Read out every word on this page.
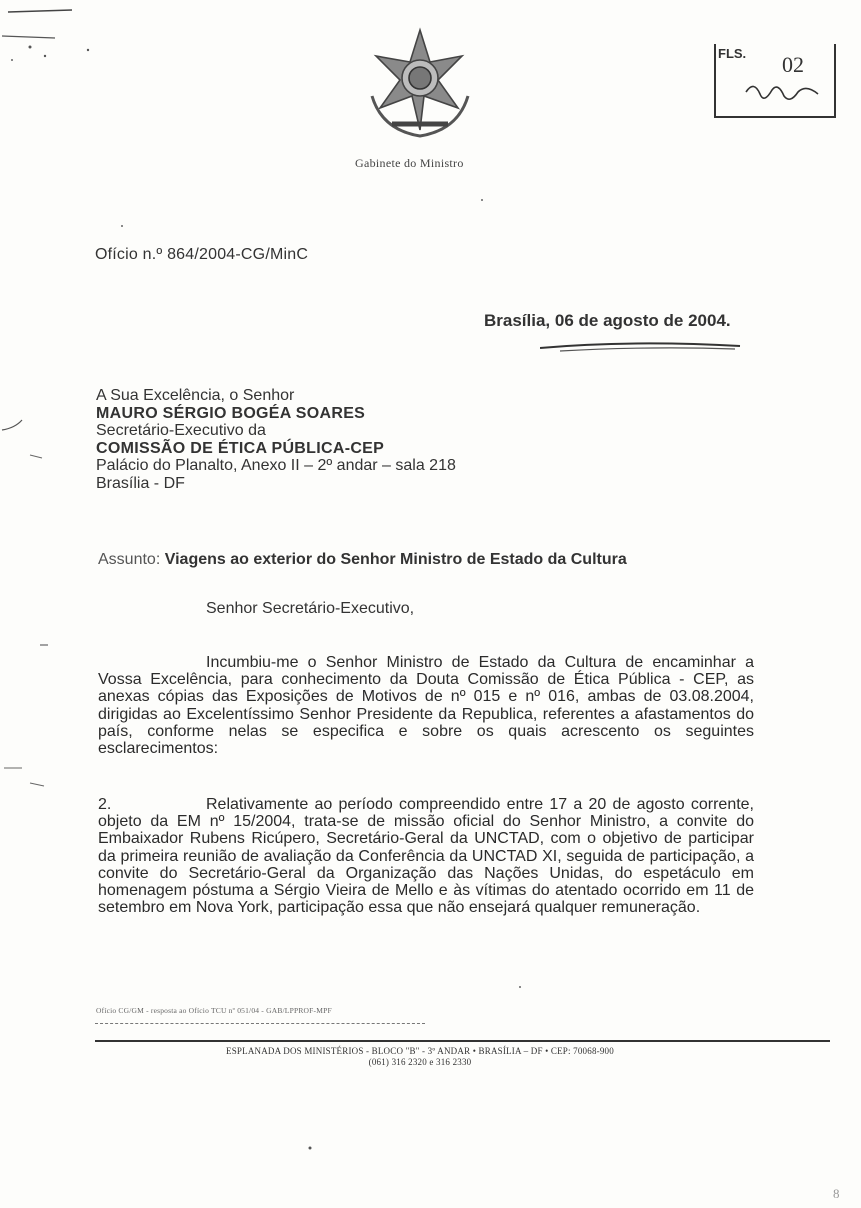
Gabinete do Ministro
FLS. 02
Ofício n.º 864/2004-CG/MinC
Brasília, 06 de agosto de 2004.
A Sua Excelência, o Senhor
MAURO SÉRGIO BOGÉA SOARES
Secretário-Executivo da
COMISSÃO DE ÉTICA PÚBLICA-CEP
Palácio do Planalto, Anexo II – 2º andar – sala 218
Brasília - DF
Assunto: Viagens ao exterior do Senhor Ministro de Estado da Cultura
Senhor Secretário-Executivo,
Incumbiu-me o Senhor Ministro de Estado da Cultura de encaminhar a Vossa Excelência, para conhecimento da Douta Comissão de Ética Pública - CEP, as anexas cópias das Exposições de Motivos de nº 015 e nº 016, ambas de 03.08.2004, dirigidas ao Excelentíssimo Senhor Presidente da Republica, referentes a afastamentos do país, conforme nelas se especifica e sobre os quais acrescento os seguintes esclarecimentos:
2.	Relativamente ao período compreendido entre 17 a 20 de agosto corrente, objeto da EM nº 15/2004, trata-se de missão oficial do Senhor Ministro, a convite do Embaixador Rubens Ricúpero, Secretário-Geral da UNCTAD, com o objetivo de participar da primeira reunião de avaliação da Conferência da UNCTAD XI, seguida de participação, a convite do Secretário-Geral da Organização das Nações Unidas, do espetáculo em homenagem póstuma a Sérgio Vieira de Mello e às vítimas do atentado ocorrido em 11 de setembro em Nova York, participação essa que não ensejará qualquer remuneração.
Ofício CG/GM - resposta ao Ofício TCU nº 051/04 - GAB/LPPROF-MPF
ESPLANADA DOS MINISTÉRIOS - BLOCO "B" - 3º ANDAR • BRASÍLIA – DF • CEP: 70068-900
(061) 316 2320 e 316 2330
8
